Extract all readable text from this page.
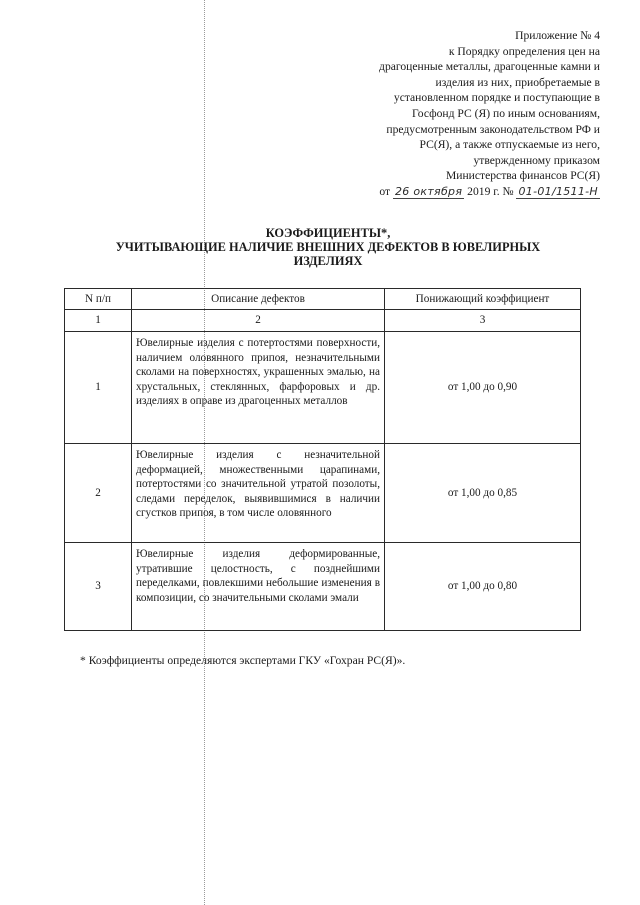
Приложение № 4
к Порядку определения цен на
драгоценные металлы, драгоценные камни и
изделия из них, приобретаемые в
установленном порядке и поступающие в
Госфонд РС (Я) по иным основаниям,
предусмотренным законодательством РФ и
РС(Я), а также отпускаемые из него,
утвержденному приказом
Министерства финансов РС(Я)
от 26 октября 2019 г. № 01-01/1511-Н
КОЭФФИЦИЕНТЫ*,
УЧИТЫВАЮЩИЕ НАЛИЧИЕ ВНЕШНИХ ДЕФЕКТОВ В ЮВЕЛИРНЫХ
ИЗДЕЛИЯХ
N п/п	Описание дефектов	Понижающий коэффициент
1	2	3
1	Ювелирные изделия с потертостями поверхности, наличием оловянного припоя, незначительными сколами на поверхностях, украшенных эмалью, на хрустальных, стеклянных, фарфоровых и др. изделиях в оправе из драгоценных металлов	от 1,00 до 0,90
2	Ювелирные изделия с незначительной деформацией, множественными царапинами, потертостями со значительной утратой позолоты, следами переделок, выявившимися в наличии сгустков припоя, в том числе оловянного	от 1,00 до 0,85
3	Ювелирные изделия деформированные, утратившие целостность, с позднейшими переделками, повлекшими небольшие изменения в композиции, со значительными сколами эмали	от 1,00 до 0,80
* Коэффициенты определяются экспертами ГКУ «Гохран РС(Я)».
